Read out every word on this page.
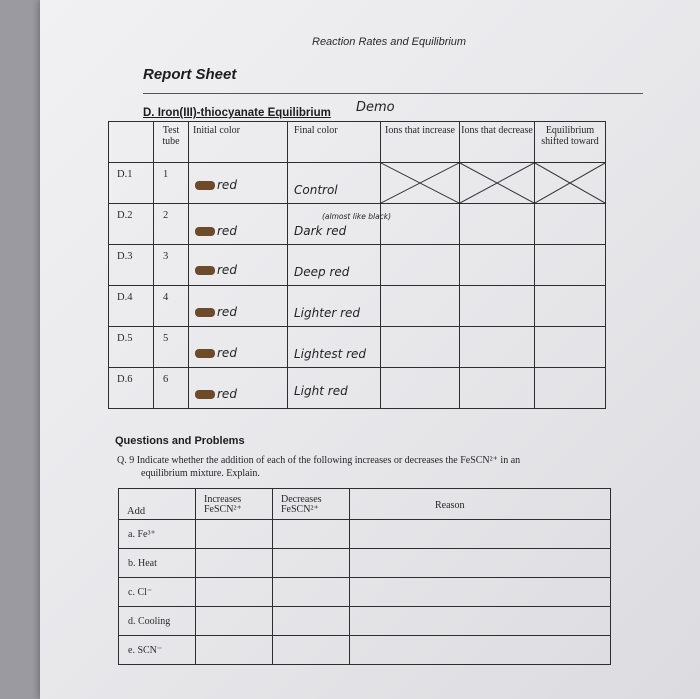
Reaction Rates and Equilibrium
Report Sheet
D. Iron(III)-thiocyanate Equilibrium Demo

	Test tube	Initial color	Final color	Ions that increase	Ions that decrease	Equilibrium shifted toward

D.1	1	red	Control

D.2	2	red	(almost like black)
Dark red			

D.3	3	red	Deep red			

D.4	4	red	Lighter red			

D.5	5	red	Lightest red			

D.6	6	red	Light red			

Questions and Problems
Q. 9 Indicate whether the addition of each of the following increases or decreases the FeSCN²⁺ in an
equilibrium mixture. Explain.
Add	Increases FeSCN²⁺	Decreases FeSCN²⁺	Reason

a. Fe³⁺			

b. Heat			

c. Cl⁻			

d. Cooling			

e. SCN⁻			
